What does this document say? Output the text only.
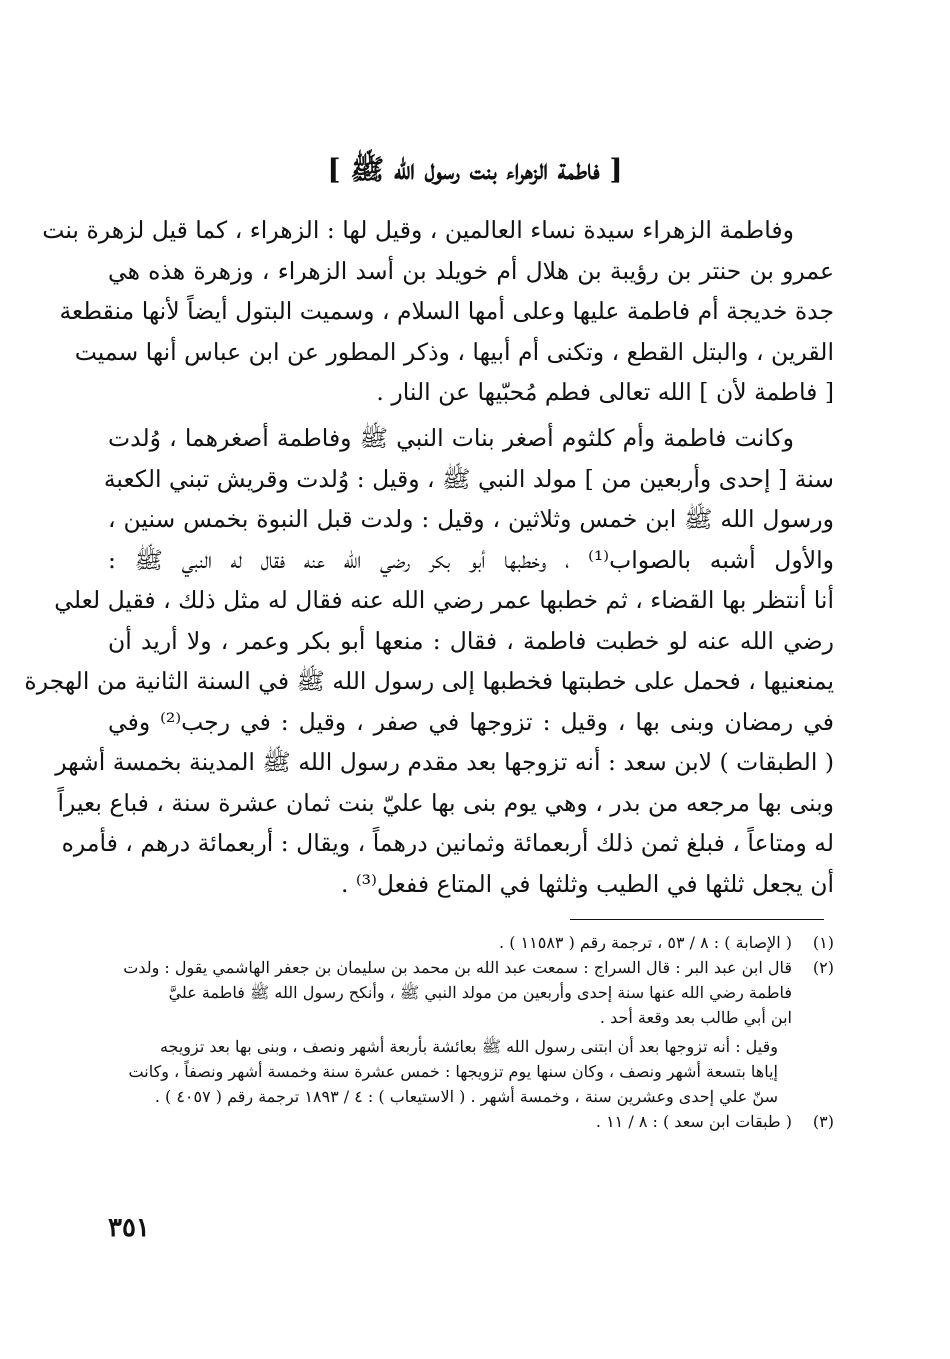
[ فاطمة الزهراء بنت رسول الله ﷺ ]
وفاطمة الزهراء سيدة نساء العالمين ، وقيل لها : الزهراء ، كما قيل لزهرة بنت
عمرو بن حنتر بن رؤيبة بن هلال أم خويلد بن أسد الزهراء ، وزهرة هذه هي
جدة خديجة أم فاطمة عليها وعلى أمها السلام ، وسميت البتول أيضاً لأنها منقطعة
القرين ، والبتل القطع ، وتكنى أم أبيها ، وذكر المطور عن ابن عباس أنها سميت
[ فاطمة لأن ] الله تعالى فطم مُحبّيها عن النار .
وكانت فاطمة وأم كلثوم أصغر بنات النبي ﷺ وفاطمة أصغرهما ، وُلدت
سنة [ إحدى وأربعين من ] مولد النبي ﷺ ، وقيل : وُلدت وقريش تبني الكعبة
ورسول الله ﷺ ابن خمس وثلاثين ، وقيل : ولدت قبل النبوة بخمس سنين ،
والأول أشبه بالصواب⁽¹⁾ ، وخطبها أبو بكر رضي الله عنه فقال له النبي ﷺ :
أنا أنتظر بها القضاء ، ثم خطبها عمر رضي الله عنه فقال له مثل ذلك ، فقيل لعلي
رضي الله عنه لو خطبت فاطمة ، فقال : منعها أبو بكر وعمر ، ولا أريد أن
يمنعنيها ، فحمل على خطبتها فخطبها إلى رسول الله ﷺ في السنة الثانية من الهجرة
في رمضان وبنى بها ، وقيل : تزوجها في صفر ، وقيل : في رجب⁽²⁾ وفي
( الطبقات ) لابن سعد : أنه تزوجها بعد مقدم رسول الله ﷺ المدينة بخمسة أشهر
وبنى بها مرجعه من بدر ، وهي يوم بنى بها عليّ بنت ثمان عشرة سنة ، فباع بعيراً
له ومتاعاً ، فبلغ ثمن ذلك أربعمائة وثمانين درهماً ، ويقال : أربعمائة درهم ، فأمره
أن يجعل ثلثها في الطيب وثلثها في المتاع ففعل⁽³⁾ .
(١)
( الإصابة ) : ٨ / ٥٣ ، ترجمة رقم ( ١١٥٨٣ ) .
(٢)
قال ابن عبد البر : قال السراج : سمعت عبد الله بن محمد بن سليمان بن جعفر الهاشمي يقول : ولدت
فاطمة رضي الله عنها سنة إحدى وأربعين من مولد النبي ﷺ ، وأنكح رسول الله ﷺ فاطمة عليَّ
ابن أبي طالب بعد وقعة أحد .
وقيل : أنه تزوجها بعد أن ابتنى رسول الله ﷺ بعائشة بأربعة أشهر ونصف ، وبنى بها بعد تزويجه
إياها بتسعة أشهر ونصف ، وكان سنها يوم تزويجها : خمس عشرة سنة وخمسة أشهر ونصفاً ، وكانت
سنّ علي إحدى وعشرين سنة ، وخمسة أشهر . ( الاستيعاب ) : ٤ / ١٨٩٣ ترجمة رقم ( ٤٠٥٧ ) .
(٣)
( طبقات ابن سعد ) : ٨ / ١١ .
٣٥١
